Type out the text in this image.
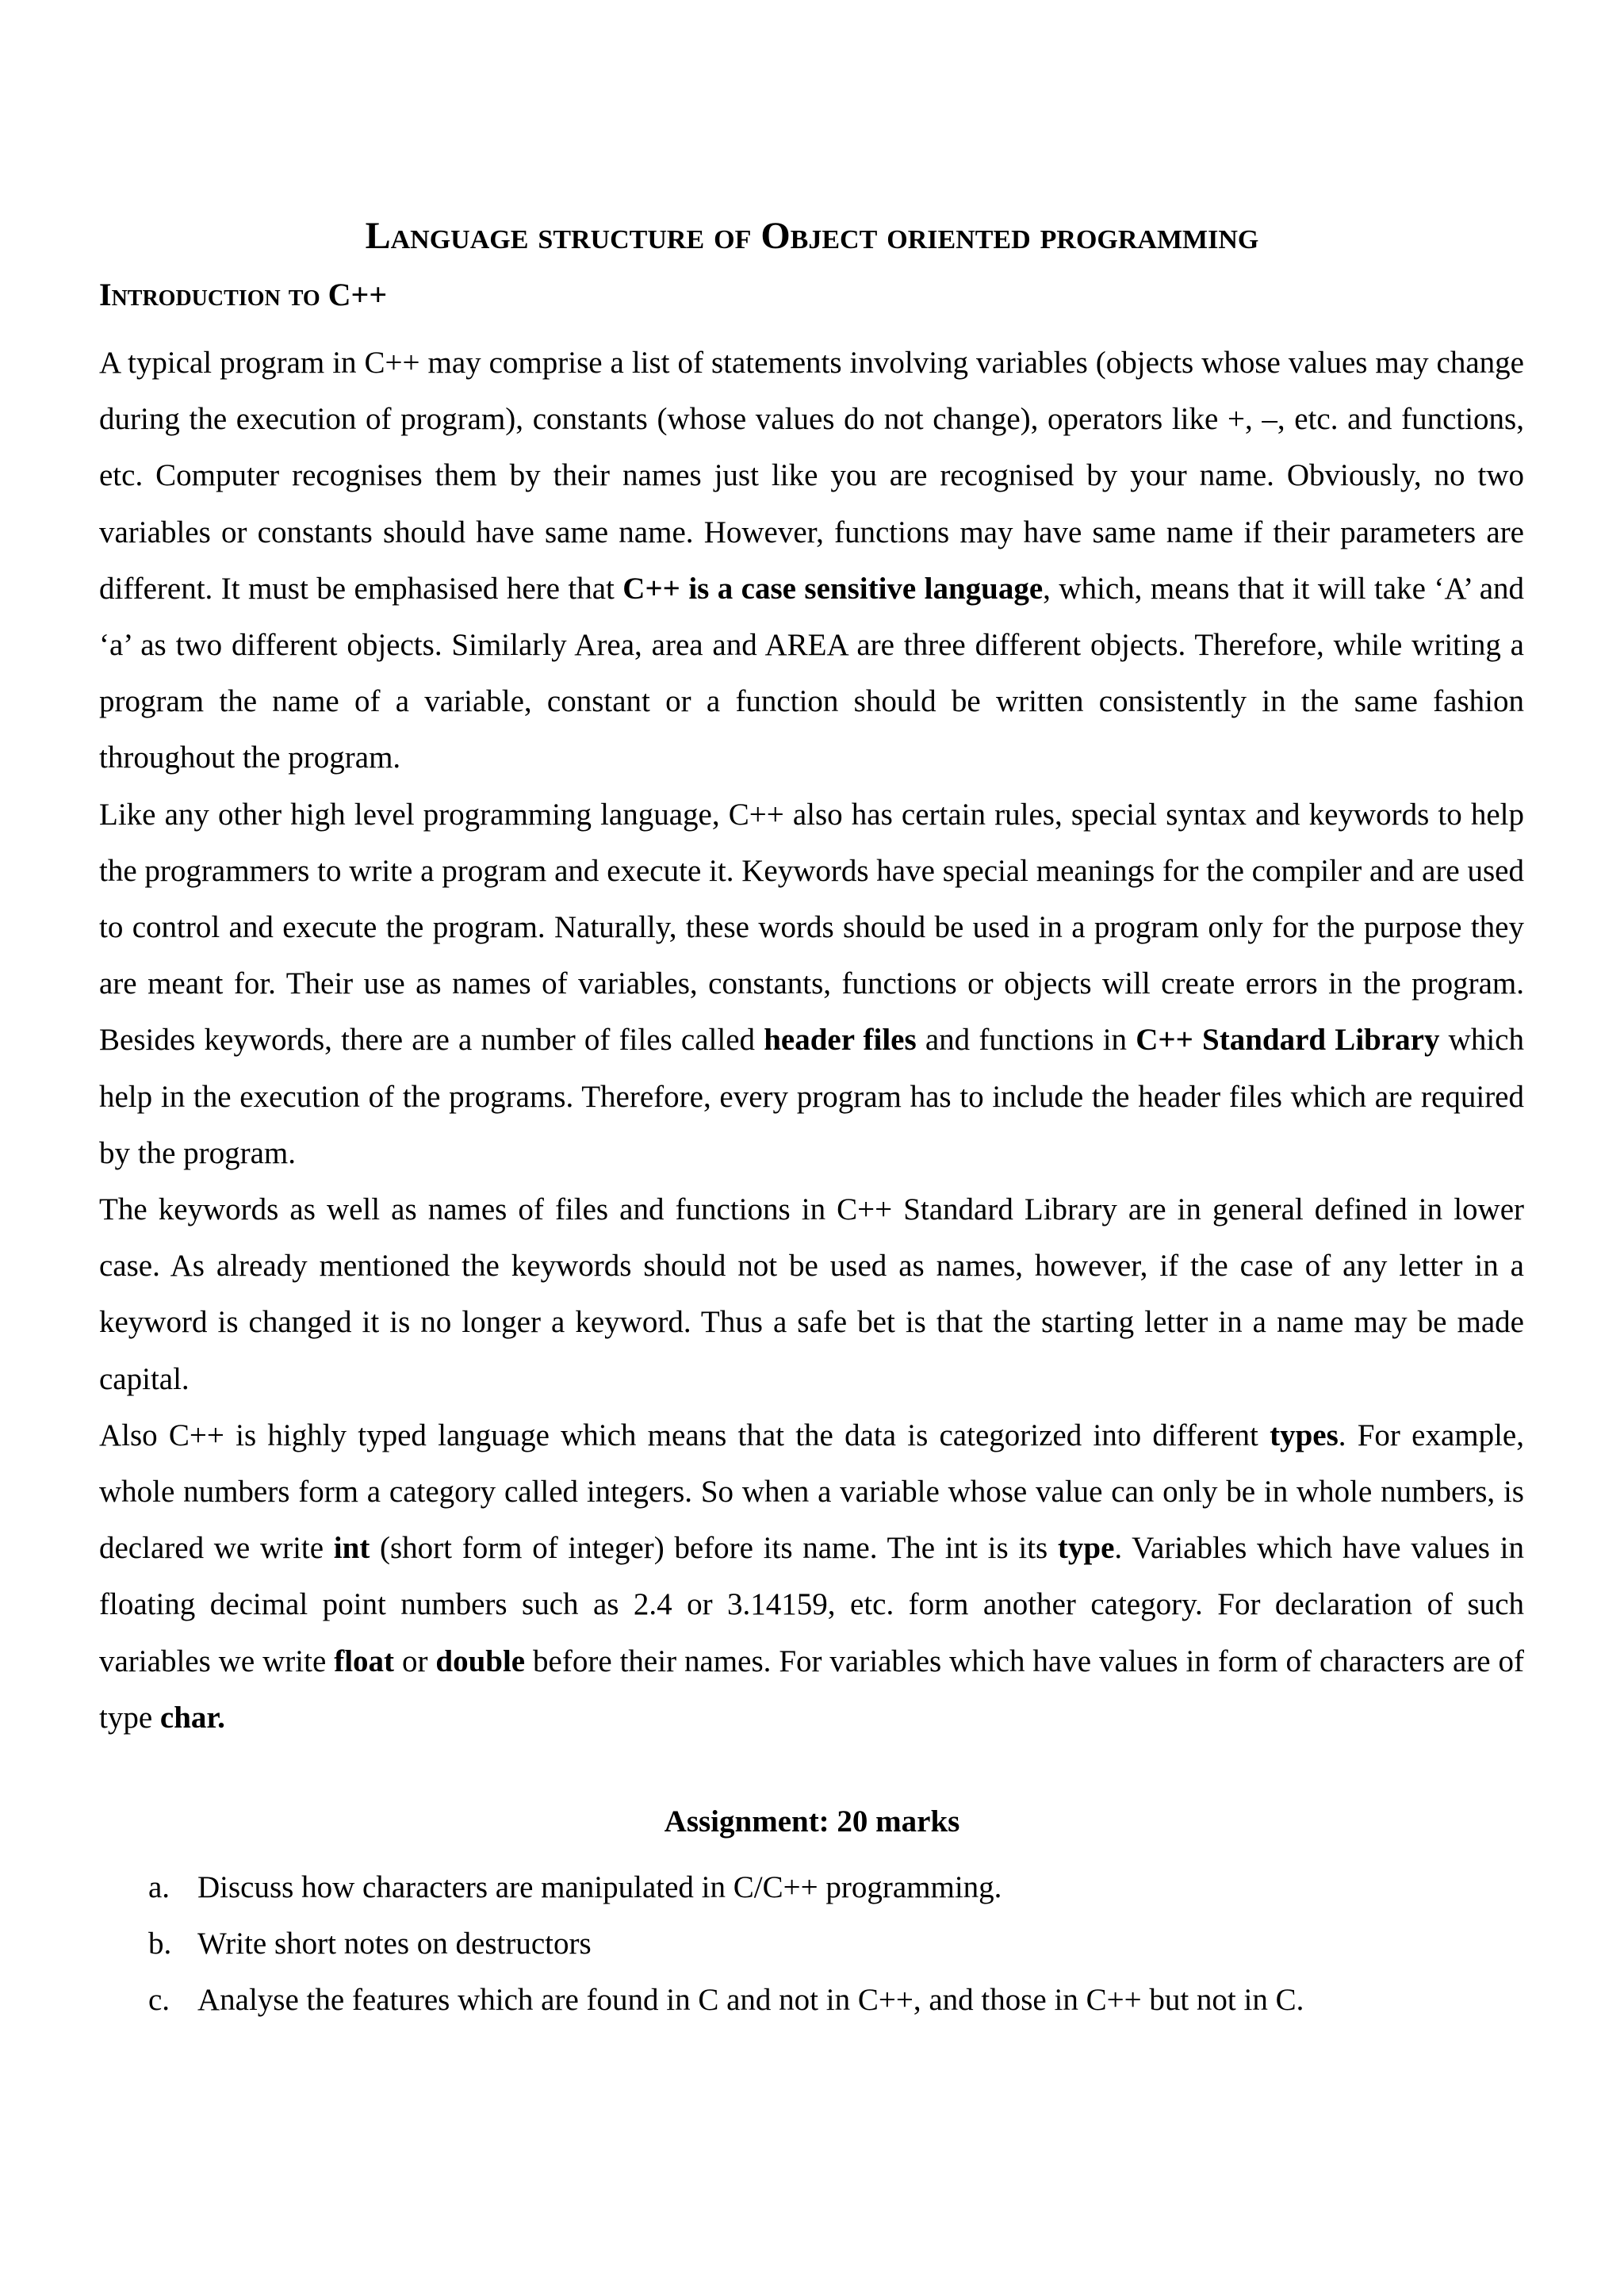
Language structure of Object oriented programming
Introduction to C++

A typical program in C++ may comprise a list of statements involving variables (objects whose values may change during the execution of program), constants (whose values do not change), operators like +, –, etc. and functions, etc. Computer recognises them by their names just like you are recognised by your name. Obviously, no two variables or constants should have same name. However, functions may have same name if their parameters are different. It must be emphasised here that C++ is a case sensitive language, which, means that it will take ‘A’ and ‘a’ as two different objects. Similarly Area, area and AREA are three different objects. Therefore, while writing a program the name of a variable, constant or a function should be written consistently in the same fashion throughout the program.

Like any other high level programming language, C++ also has certain rules, special syntax and keywords to help the programmers to write a program and execute it. Keywords have special meanings for the compiler and are used to control and execute the program. Naturally, these words should be used in a program only for the purpose they are meant for. Their use as names of variables, constants, functions or objects will create errors in the program. Besides keywords, there are a number of files called header files and functions in C++ Standard Library which help in the execution of the programs. Therefore, every program has to include the header files which are required by the program.

The keywords as well as names of files and functions in C++ Standard Library are in general defined in lower case. As already mentioned the keywords should not be used as names, however, if the case of any letter in a keyword is changed it is no longer a keyword. Thus a safe bet is that the starting letter in a name may be made capital.

Also C++ is highly typed language which means that the data is categorized into different types. For example, whole numbers form a category called integers. So when a variable whose value can only be in whole numbers, is declared we write int (short form of integer) before its name. The int is its type. Variables which have values in floating decimal point numbers such as 2.4 or 3.14159, etc. form another category. For declaration of such variables we write float or double before their names. For variables which have values in form of characters are of type char.

Assignment: 20 marks
a. Discuss how characters are manipulated in C/C++ programming.
b. Write short notes on destructors
c. Analyse the features which are found in C and not in C++, and those in C++ but not in C.
